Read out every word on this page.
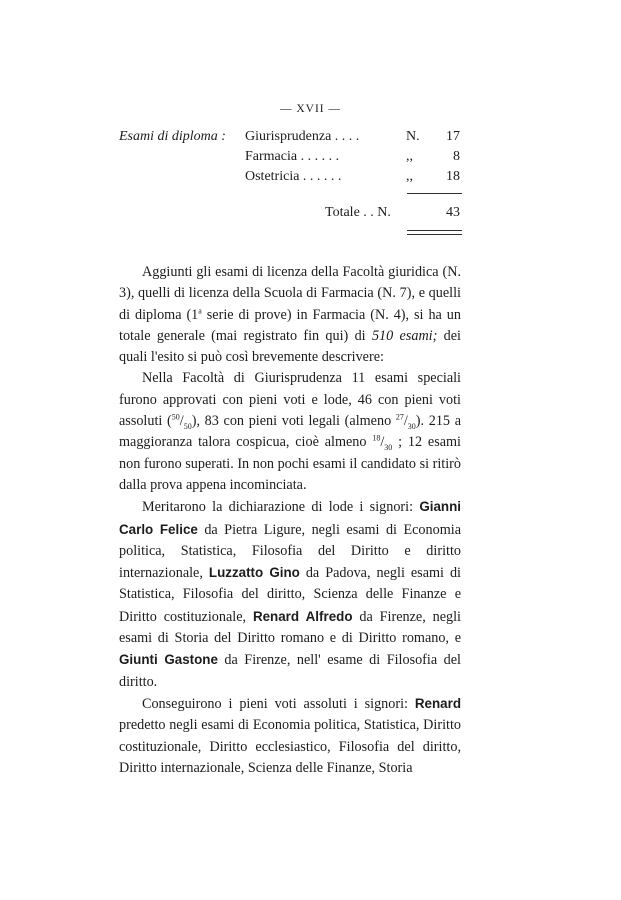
— XVII —
Esami di diploma : Giurisprudenza . . . .	N. 17
Farmacia . . . . . .	,,	8
Ostetricia . . . . . .	,, 18
Totale . . N.	43

Aggiunti gli esami di licenza della Facoltà giuridica (N. 3), quelli di licenza della Scuola di Farmacia (N. 7), e quelli di diploma (1$^a$ serie di prove) in Farmacia (N. 4), si ha un totale generale (mai registrato fin qui) di 510 esami; dei quali l'esito si può così brevemente descrivere:

Nella Facoltà di Giurisprudenza 11 esami speciali furono approvati con pieni voti e lode, 46 con pieni voti assoluti $(^{50}/_{50})$, 83 con pieni voti legali (almeno $^{27}/_{30}$). 215 a maggioranza talora cospicua, cioè almeno $^{18}/_{30}$ ; 12 esami non furono superati. In non pochi esami il candidato si ritirò dalla prova appena incominciata.

Meritarono la dichiarazione di lode i signori: Gianni Carlo Felice da Pietra Ligure, negli esami di Economia politica, Statistica, Filosofia del Diritto e diritto internazionale, Luzzatto Gino da Padova, negli esami di Statistica, Filosofia del diritto, Scienza delle Finanze e Diritto costituzionale, Renard Alfredo da Firenze, negli esami di Storia del Diritto romano e di Diritto romano, e Giunti Gastone da Firenze, nell' esame di Filosofia del diritto.

Conseguirono i pieni voti assoluti i signori: Renard predetto negli esami di Economia politica, Statistica, Diritto costituzionale, Diritto ecclesiastico, Filosofia del diritto, Diritto internazionale, Scienza delle Finanze, Storia
